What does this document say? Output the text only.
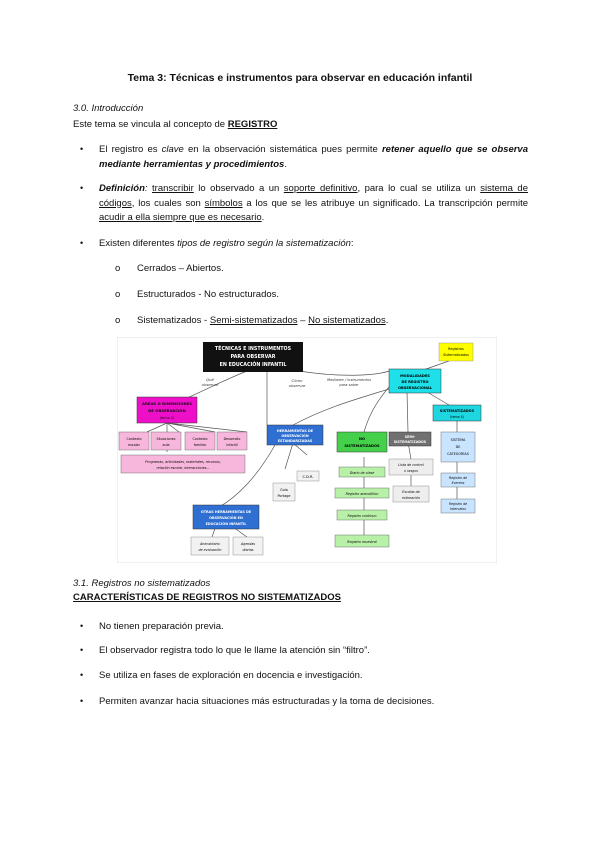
Tema 3: Técnicas e instrumentos para observar en educación infantil
3.0. Introducción
Este tema se vincula al concepto de REGISTRO
• El registro es clave en la observación sistemática pues permite retener aquello que se observa mediante herramientas y procedimientos.
• Definición: transcribir lo observado a un soporte definitivo, para lo cual se utiliza un sistema de códigos, los cuales son símbolos a los que se les atribuye un significado. La transcripción permite acudir a ella siempre que es necesario.
• Existen diferentes tipos de registro según la sistematización:
o Cerrados – Abiertos.
o Estructurados - No estructurados.
o Sistematizados - Semi-sistematizados – No sistematizados.
TÉCNICAS E INSTRUMENTOS
PARA OBSERVAR
EN EDUCACIÓN INFANTIL
Registros
Sistematizados
Qué
observar
Cómo
observar
Mediante / instrumentos
para saber
ÁREAS O DIMENSIONES
DE OBSERVACIÓN
(tema 2)
Contexto
escolar
Situaciones
aula
Contexto
familiar
Desarrollo
infantil
Programas, actividades, materiales, recursos,
relación escolar, interacciones...
HERRAMIENTAS DE
OBSERVACIÓN
ESTANDARIZADAS
C.D.R.
Guía
Portage
MODALIDADES
DE REGISTRO
OBSERVACIONAL
NO
SISTEMATIZADOS
Diario de clase
Registro anecdótico
Registro continuo
Registro muestral
SEMI-
SISTEMATIZADOS
Lista de control
o rasgos
Escalas de
estimación
SISTEMATIZADOS
(tema 4)
SISTEMA
DE
CATEGORÍAS
Registro de
Eventos
Registro de
Intervalos
OTRAS HERRAMIENTAS DE
OBSERVACIÓN EN
EDUCACIÓN INFANTIL
Anecdotario
de evaluación
Agendas
diarias
3.1. Registros no sistematizados
CARACTERÍSTICAS DE REGISTROS NO SISTEMATIZADOS
• No tienen preparación previa.
• El observador registra todo lo que le llame la atención sin “filtro”.
• Se utiliza en fases de exploración en docencia e investigación.
• Permiten avanzar hacia situaciones más estructuradas y la toma de decisiones.
